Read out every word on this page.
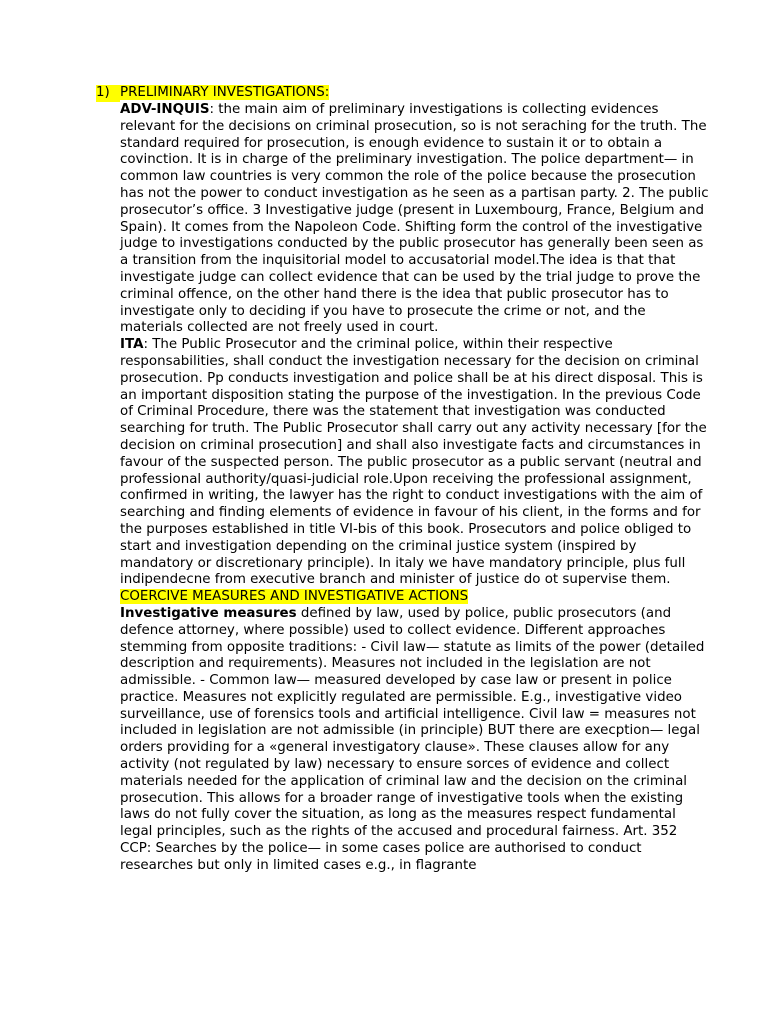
1) PRELIMINARY INVESTIGATIONS:

ADV-INQUIS: the main aim of preliminary investigations is collecting evidences relevant for the decisions on criminal prosecution, so is not seraching for the truth. The standard required for prosecution, is enough evidence to sustain it or to obtain a covinction. It is in charge of the preliminary investigation. The police department— in common law countries is very common the role of the police because the prosecution has not the power to conduct investigation as he seen as a partisan party. 2. The public prosecutor’s office. 3 Investigative judge (present in Luxembourg, France, Belgium and Spain). It comes from the Napoleon Code. Shifting form the control of the investigative judge to investigations conducted by the public prosecutor has generally been seen as a transition from the inquisitorial model to accusatorial model.The idea is that that investigate judge can collect evidence that can be used by the trial judge to prove the criminal offence, on the other hand there is the idea that public prosecutor has to investigate only to deciding if you have to prosecute the crime or not, and the materials collected are not freely used in court.

ITA: The Public Prosecutor and the criminal police, within their respective responsabilities, shall conduct the investigation necessary for the decision on criminal prosecution. Pp conducts investigation and police shall be at his direct disposal. This is an important disposition stating the purpose of the investigation. In the previous Code of Criminal Procedure, there was the statement that investigation was conducted searching for truth. The Public Prosecutor shall carry out any activity necessary [for the decision on criminal prosecution] and shall also investigate facts and circumstances in favour of the suspected person. The public prosecutor as a public servant (neutral and professional authority/quasi-judicial role.Upon receiving the professional assignment, confirmed in writing, the lawyer has the right to conduct investigations with the aim of searching and finding elements of evidence in favour of his client, in the forms and for the purposes established in title VI-bis of this book. Prosecutors and police obliged to start and investigation depending on the criminal justice system (inspired by mandatory or discretionary principle). In italy we have mandatory principle, plus full indipendecne from executive branch and minister of justice do ot supervise them.

COERCIVE MEASURES AND INVESTIGATIVE ACTIONS

Investigative measures defined by law, used by police, public prosecutors (and defence attorney, where possible) used to collect evidence. Different approaches stemming from opposite traditions: - Civil law— statute as limits of the power (detailed description and requirements). Measures not included in the legislation are not admissible. - Common law— measured developed by case law or present in police practice. Measures not explicitly regulated are permissible. E.g., investigative video surveillance, use of forensics tools and artificial intelligence. Civil law = measures not included in legislation are not admissible (in principle) BUT there are execption— legal orders providing for a «general investigatory clause». These clauses allow for any activity (not regulated by law) necessary to ensure sorces of evidence and collect materials needed for the application of criminal law and the decision on the criminal prosecution. This allows for a broader range of investigative tools when the existing laws do not fully cover the situation, as long as the measures respect fundamental legal principles, such as the rights of the accused and procedural fairness. Art. 352 CCP: Searches by the police— in some cases police are authorised to conduct researches but only in limited cases e.g., in flagrante
